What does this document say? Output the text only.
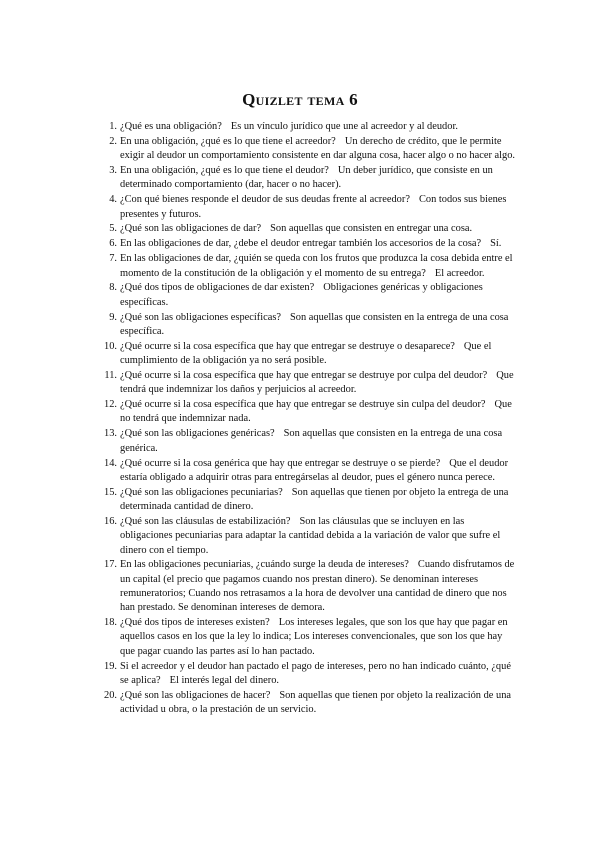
Quizlet tema 6
1. ¿Qué es una obligación? Es un vínculo jurídico que une al acreedor y al deudor.
2. En una obligación, ¿qué es lo que tiene el acreedor? Un derecho de crédito, que le permite exigir al deudor un comportamiento consistente en dar alguna cosa, hacer algo o no hacer algo.
3. En una obligación, ¿qué es lo que tiene el deudor? Un deber jurídico, que consiste en un determinado comportamiento (dar, hacer o no hacer).
4. ¿Con qué bienes responde el deudor de sus deudas frente al acreedor? Con todos sus bienes presentes y futuros.
5. ¿Qué son las obligaciones de dar? Son aquellas que consisten en entregar una cosa.
6. En las obligaciones de dar, ¿debe el deudor entregar también los accesorios de la cosa? Sí.
7. En las obligaciones de dar, ¿quién se queda con los frutos que produzca la cosa debida entre el momento de la constitución de la obligación y el momento de su entrega? El acreedor.
8. ¿Qué dos tipos de obligaciones de dar existen? Obligaciones genéricas y obligaciones específicas.
9. ¿Qué son las obligaciones específicas? Son aquellas que consisten en la entrega de una cosa específica.
10. ¿Qué ocurre si la cosa específica que hay que entregar se destruye o desaparece? Que el cumplimiento de la obligación ya no será posible.
11. ¿Qué ocurre si la cosa específica que hay que entregar se destruye por culpa del deudor? Que tendrá que indemnizar los daños y perjuicios al acreedor.
12. ¿Qué ocurre si la cosa específica que hay que entregar se destruye sin culpa del deudor? Que no tendrá que indemnizar nada.
13. ¿Qué son las obligaciones genéricas? Son aquellas que consisten en la entrega de una cosa genérica.
14. ¿Qué ocurre si la cosa genérica que hay que entregar se destruye o se pierde? Que el deudor estaría obligado a adquirir otras para entregárselas al deudor, pues el género nunca perece.
15. ¿Qué son las obligaciones pecuniarias? Son aquellas que tienen por objeto la entrega de una determinada cantidad de dinero.
16. ¿Qué son las cláusulas de estabilización? Son las cláusulas que se incluyen en las obligaciones pecuniarias para adaptar la cantidad debida a la variación de valor que sufre el dinero con el tiempo.
17. En las obligaciones pecuniarias, ¿cuándo surge la deuda de intereses? Cuando disfrutamos de un capital (el precio que pagamos cuando nos prestan dinero). Se denominan intereses remuneratorios; Cuando nos retrasamos a la hora de devolver una cantidad de dinero que nos han prestado. Se denominan intereses de demora.
18. ¿Qué dos tipos de intereses existen? Los intereses legales, que son los que hay que pagar en aquellos casos en los que la ley lo indica; Los intereses convencionales, que son los que hay que pagar cuando las partes así lo han pactado.
19. Si el acreedor y el deudor han pactado el pago de intereses, pero no han indicado cuánto, ¿qué se aplica? El interés legal del dinero.
20. ¿Qué son las obligaciones de hacer? Son aquellas que tienen por objeto la realización de una actividad u obra, o la prestación de un servicio.
